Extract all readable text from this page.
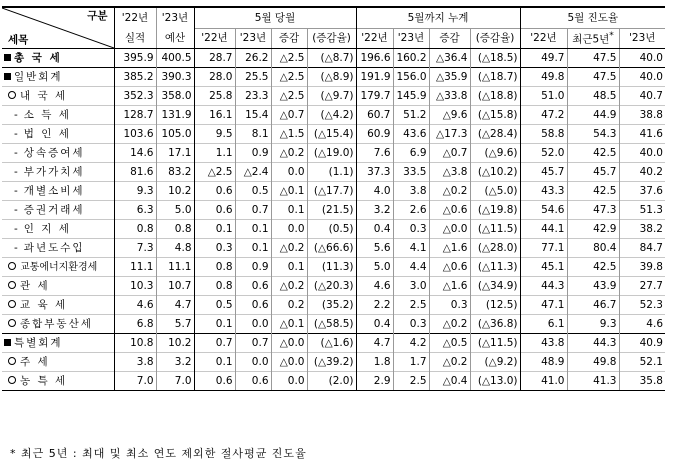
구분
세목	'22년	'23년	5월 당월				5월까지 누계				5월 진도율		
	실적	예산	'22년	'23년	증감	(증감율)	'22년	'23년	증감	(증감율)	'22년	최근5년*	'23년
총 국 세	395.9	400.5	28.7	26.2	△2.5	(△8.7)	196.6	160.2	△36.4	(△18.5)	49.7	47.5	40.0
일반회계	385.2	390.3	28.0	25.5	△2.5	(△8.9)	191.9	156.0	△35.9	(△18.7)	49.8	47.5	40.0
내 국 세	352.3	358.0	25.8	23.3	△2.5	(△9.7)	179.7	145.9	△33.8	(△18.8)	51.0	48.5	40.7
- 소 득 세	128.7	131.9	16.1	15.4	△0.7	(△4.2)	60.7	51.2	△9.6	(△15.8)	47.2	44.9	38.8
- 법 인 세	103.6	105.0	9.5	8.1	△1.5	(△15.4)	60.9	43.6	△17.3	(△28.4)	58.8	54.3	41.6
- 상속증여세	14.6	17.1	1.1	0.9	△0.2	(△19.0)	7.6	6.9	△0.7	(△9.6)	52.0	42.5	40.0
- 부가가치세	81.6	83.2	△2.5	△2.4	0.0	(1.1)	37.3	33.5	△3.8	(△10.2)	45.7	45.7	40.2
- 개별소비세	9.3	10.2	0.6	0.5	△0.1	(△17.7)	4.0	3.8	△0.2	(△5.0)	43.3	42.5	37.6
- 증권거래세	6.3	5.0	0.6	0.7	0.1	(21.5)	3.2	2.6	△0.6	(△19.8)	54.6	47.3	51.3
- 인 지 세	0.8	0.8	0.1	0.1	0.0	(0.5)	0.4	0.3	△0.0	(△11.5)	44.1	42.9	38.2
- 과년도수입	7.3	4.8	0.3	0.1	△0.2	(△66.6)	5.6	4.1	△1.6	(△28.0)	77.1	80.4	84.7
교통에너지환경세	11.1	11.1	0.8	0.9	0.1	(11.3)	5.0	4.4	△0.6	(△11.3)	45.1	42.5	39.8
관 세	10.3	10.7	0.8	0.6	△0.2	(△20.3)	4.6	3.0	△1.6	(△34.9)	44.3	43.9	27.7
교 육 세	4.6	4.7	0.5	0.6	0.2	(35.2)	2.2	2.5	0.3	(12.5)	47.1	46.7	52.3
종합부동산세	6.8	5.7	0.1	0.0	△0.1	(△58.5)	0.4	0.3	△0.2	(△36.8)	6.1	9.3	4.6
특별회계	10.8	10.2	0.7	0.7	△0.0	(△1.6)	4.7	4.2	△0.5	(△11.5)	43.8	44.3	40.9
주 세	3.8	3.2	0.1	0.0	△0.0	(△39.2)	1.8	1.7	△0.2	(△9.2)	48.9	49.8	52.1
농 특 세	7.0	7.0	0.6	0.6	0.0	(2.0)	2.9	2.5	△0.4	(△13.0)	41.0	41.3	35.8
* 최근 5년 : 최대 및 최소 연도 제외한 절사평균 진도율
